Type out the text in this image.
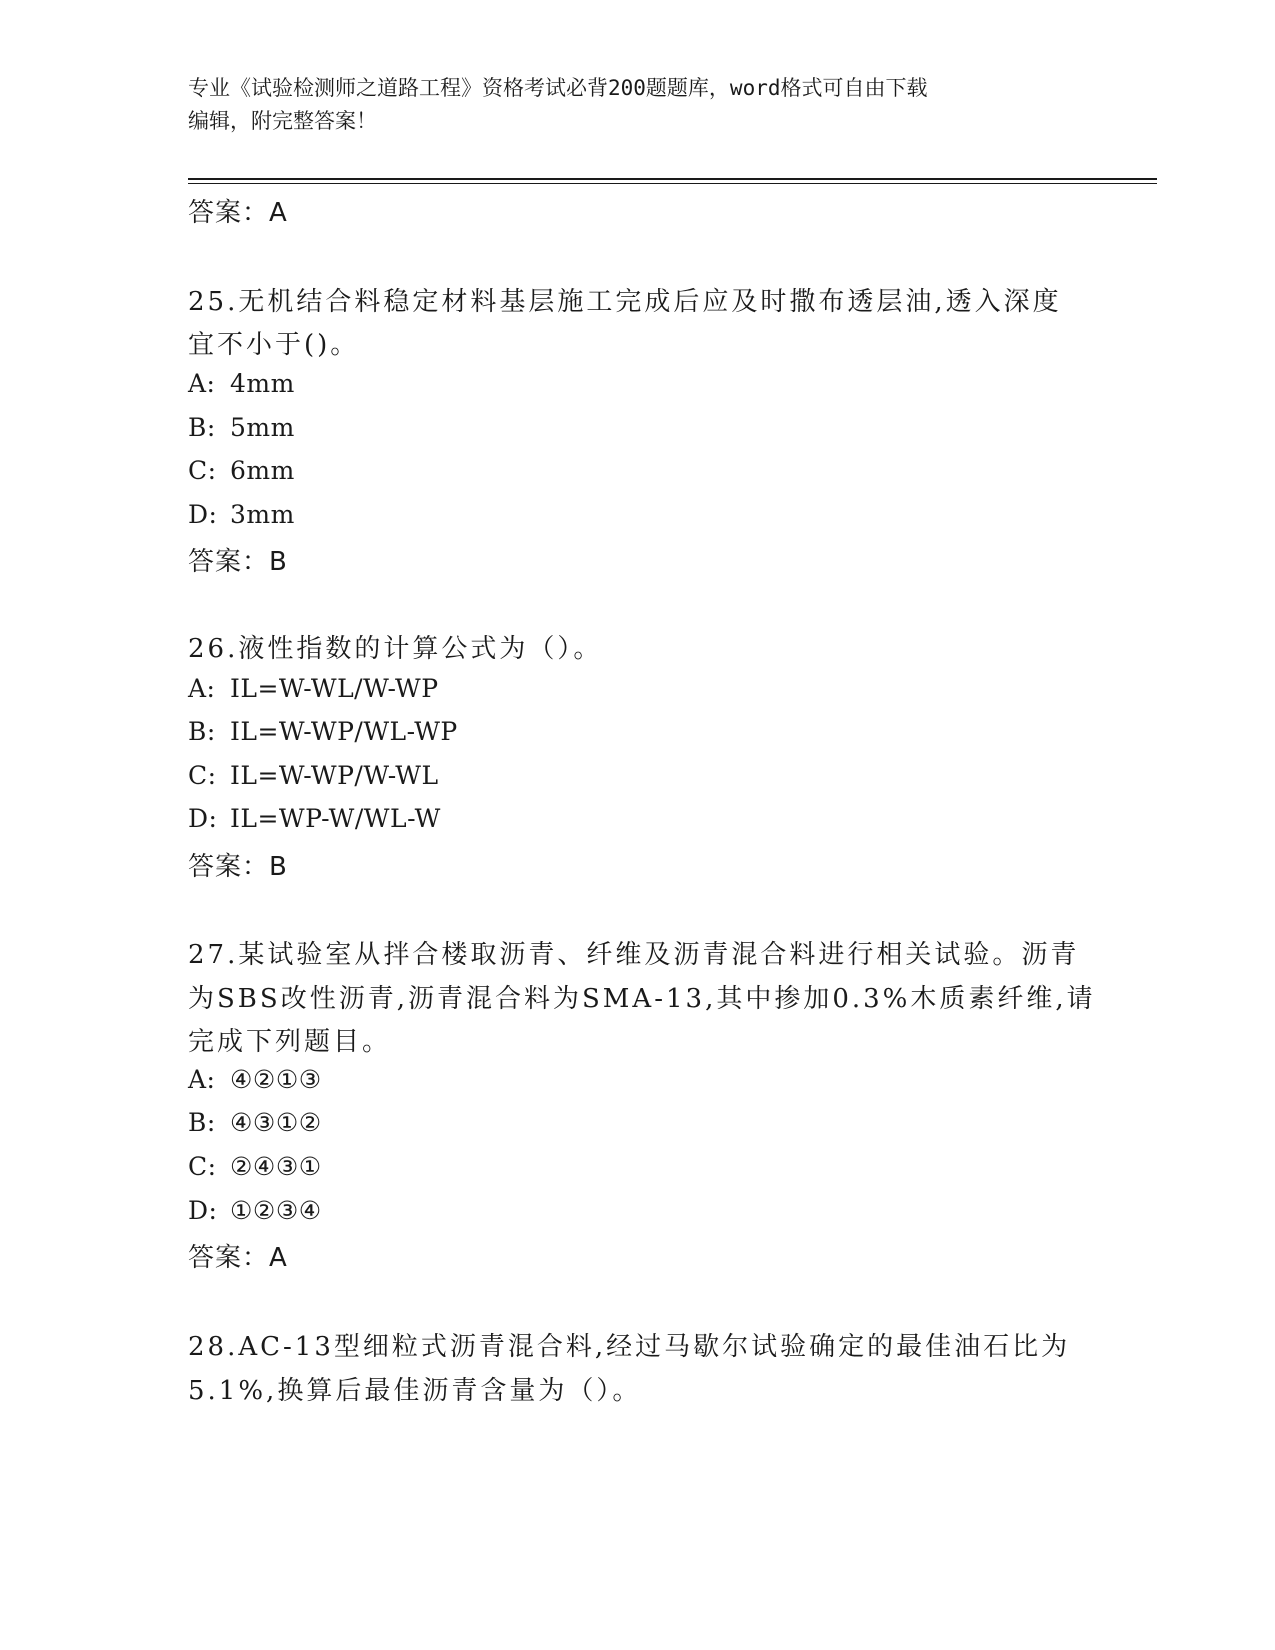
专业《试验检测师之道路工程》资格考试必背200题题库，word格式可自由下载
编辑，附完整答案！
答案：A
25.无机结合料稳定材料基层施工完成后应及时撒布透层油,透入深度
宜不小于()。
A: 4mm
B: 5mm
C: 6mm
D: 3mm
答案：B
26.液性指数的计算公式为（）。
A: IL=W-WL/W-WP
B: IL=W-WP/WL-WP
C: IL=W-WP/W-WL
D: IL=WP-W/WL-W
答案：B
27.某试验室从拌合楼取沥青、纤维及沥青混合料进行相关试验。沥青
为SBS改性沥青,沥青混合料为SMA-13,其中掺加0.3%木质素纤维,请
完成下列题目。
A: ④②①③
B: ④③①②
C: ②④③①
D: ①②③④
答案：A
28.AC-13型细粒式沥青混合料,经过马歇尔试验确定的最佳油石比为
5.1%,换算后最佳沥青含量为（）。
